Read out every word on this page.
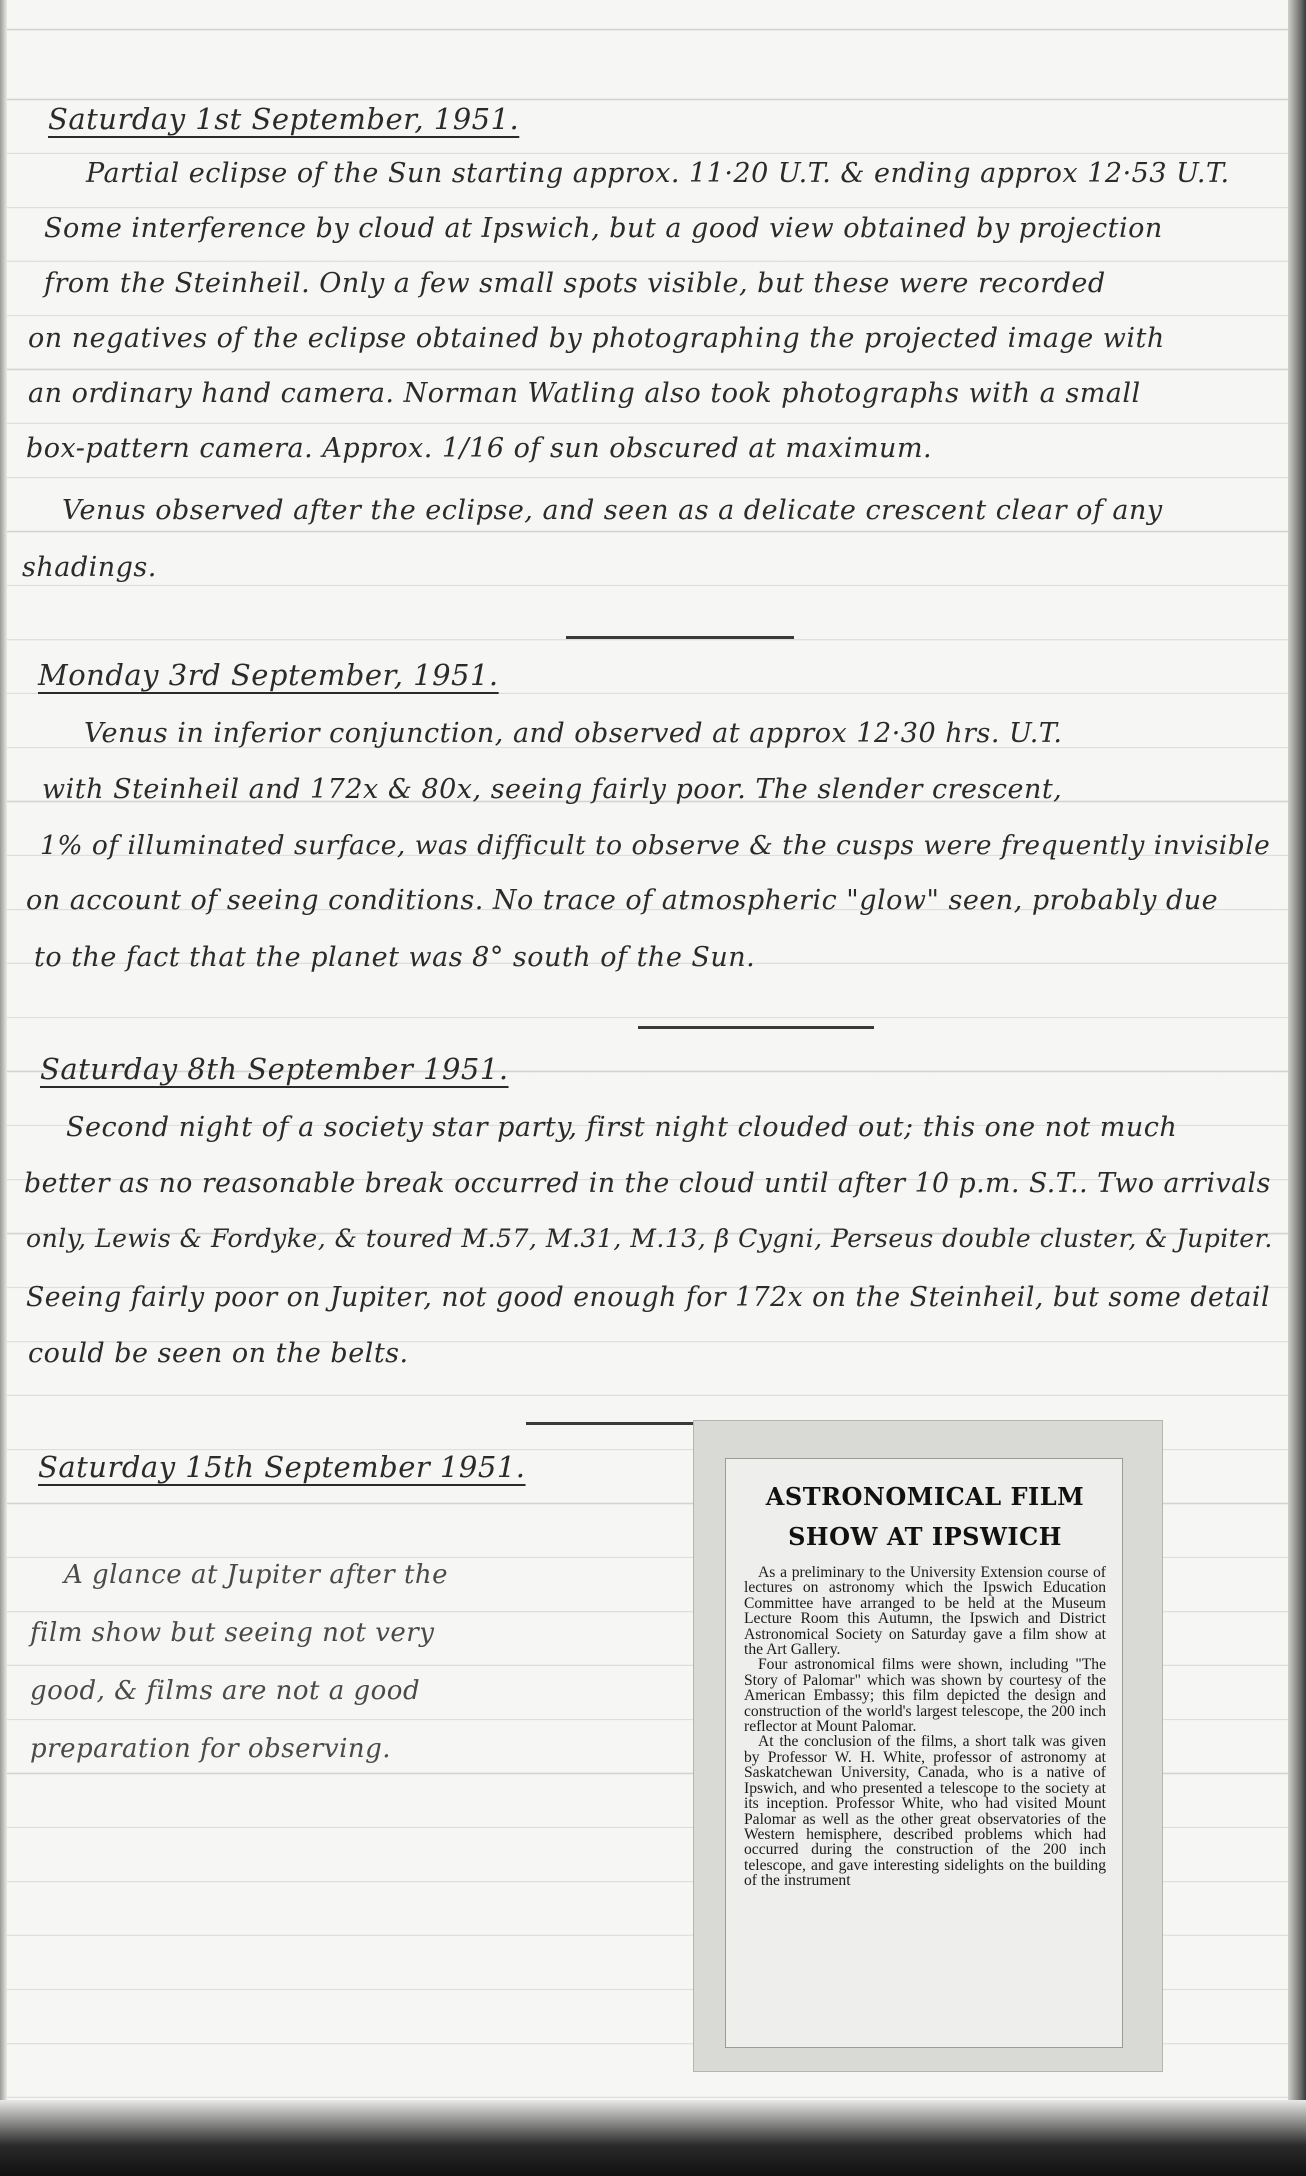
Saturday 1st September, 1951.

Partial eclipse of the Sun starting approx. 11·20 U.T. & ending approx 12·53 U.T.

Some interference by cloud at Ipswich, but a good view obtained by projection

from the Steinheil. Only a few small spots visible, but these were recorded

on negatives of the eclipse obtained by photographing the projected image with

an ordinary hand camera. Norman Watling also took photographs with a small

box-pattern camera. Approx. 1/16 of sun obscured at maximum.

Venus observed after the eclipse, and seen as a delicate crescent clear of any

shadings.

Monday 3rd September, 1951.

Venus in inferior conjunction, and observed at approx 12·30 hrs. U.T.

with Steinheil and 172x & 80x, seeing fairly poor. The slender crescent,

1% of illuminated surface, was difficult to observe & the cusps were frequently invisible

on account of seeing conditions. No trace of atmospheric "glow" seen, probably due

to the fact that the planet was 8° south of the Sun.

Saturday 8th September 1951.

Second night of a society star party, first night clouded out; this one not much

better as no reasonable break occurred in the cloud until after 10 p.m. S.T.. Two arrivals

only, Lewis & Fordyke, & toured M.57, M.31, M.13, β Cygni, Perseus double cluster, & Jupiter.

Seeing fairly poor on Jupiter, not good enough for 172x on the Steinheil, but some detail

could be seen on the belts.

Saturday 15th September 1951.

A glance at Jupiter after the

film show but seeing not very

good, & films are not a good

preparation for observing.

ASTRONOMICAL FILM

SHOW AT IPSWICH

As a preliminary to the University Extension course of lectures on astronomy which the Ipswich Education Committee have arranged to be held at the Museum Lecture Room this Autumn, the Ipswich and District Astronomical Society on Saturday gave a film show at the Art Gallery.

Four astronomical films were shown, including "The Story of Palomar" which was shown by courtesy of the American Embassy; this film depicted the design and construction of the world's largest telescope, the 200 inch reflector at Mount Palomar.

At the conclusion of the films, a short talk was given by Professor W. H. White, professor of astronomy at Saskatchewan University, Canada, who is a native of Ipswich, and who presented a telescope to the society at its inception. Professor White, who had visited Mount Palomar as well as the other great observatories of the Western hemisphere, described problems which had occurred during the construction of the 200 inch telescope, and gave interesting sidelights on the building of the instrument
